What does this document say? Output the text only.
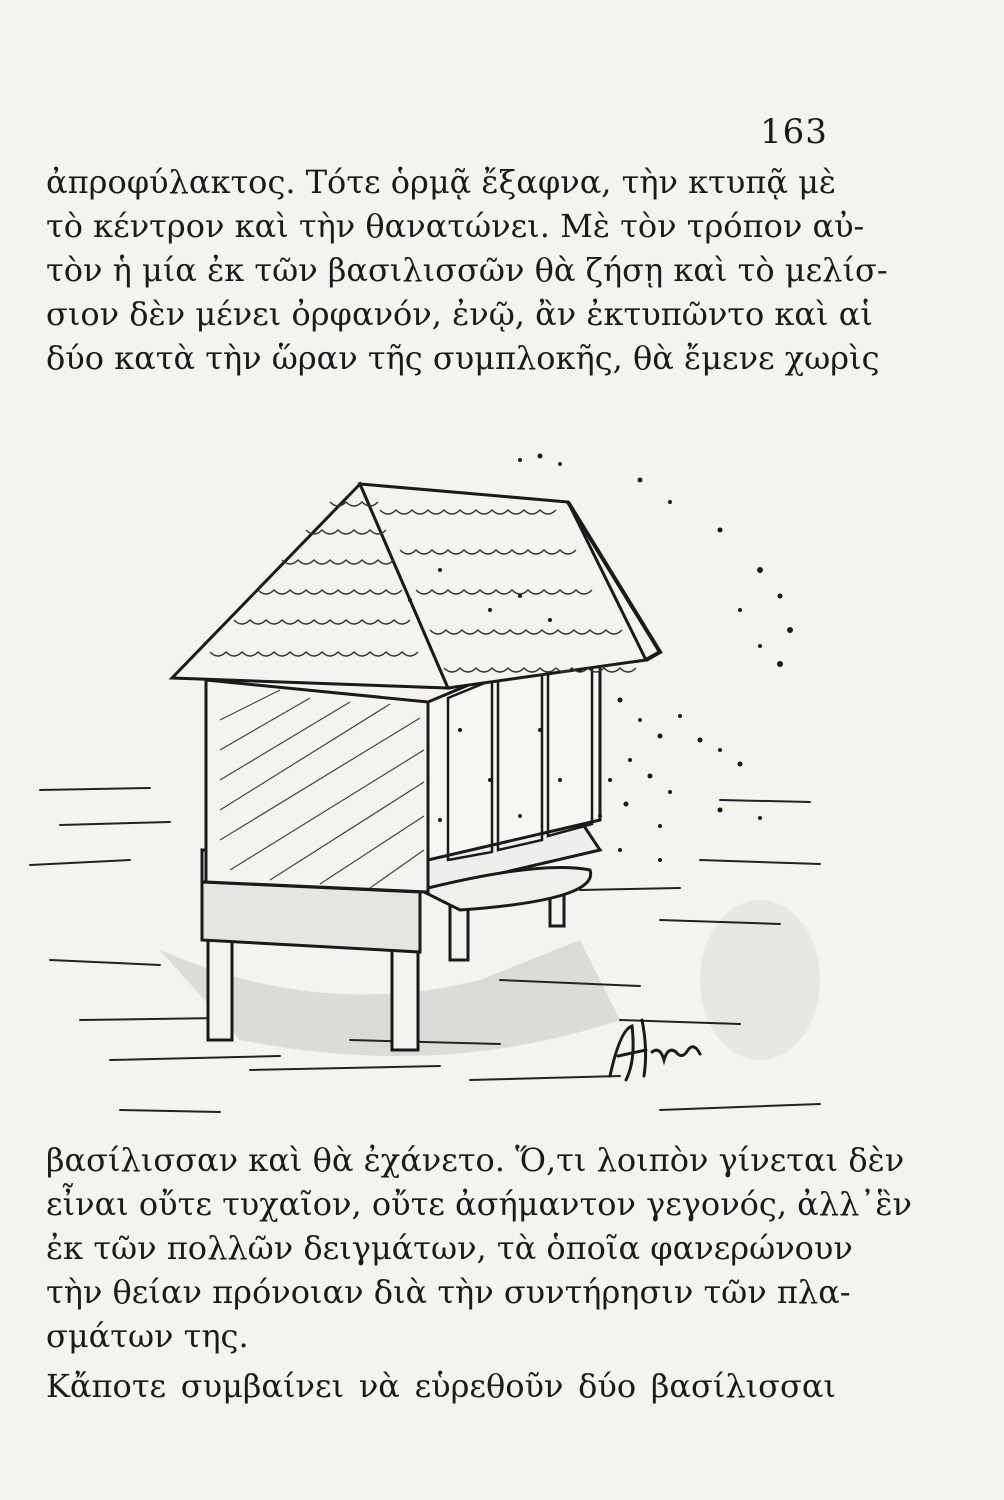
163
ἀπροφύλακτος. Τότε ὁρμᾷ ἔξαφνα, τὴν κτυπᾷ μὲ
τὸ κέντρον καὶ τὴν θανατώνει. Μὲ τὸν τρόπον αὐ-
τὸν ἡ μία ἐκ τῶν βασιλισσῶν θὰ ζήσῃ καὶ τὸ μελίσ-
σιον δὲν μένει ὀρφανόν, ἐνῷ, ἂν ἐκτυπῶντο καὶ αἱ
δύο κατὰ τὴν ὥραν τῆς συμπλοκῆς, θὰ ἔμενε χωρὶς
βασίλισσαν καὶ θὰ ἐχάνετο. Ὅ,τι λοιπὸν γίνεται δὲν
εἶναι οὔτε τυχαῖον, οὔτε ἀσήμαντον γεγονός, ἀλλ᾽ἓν
ἐκ τῶν πολλῶν δειγμάτων, τὰ ὁποῖα φανερώνουν
τὴν θείαν πρόνοιαν διὰ τὴν συντήρησιν τῶν πλα-
σμάτων της.
Κἄποτε συμβαίνει νὰ εὑρεθοῦν δύο βασίλισσαι
